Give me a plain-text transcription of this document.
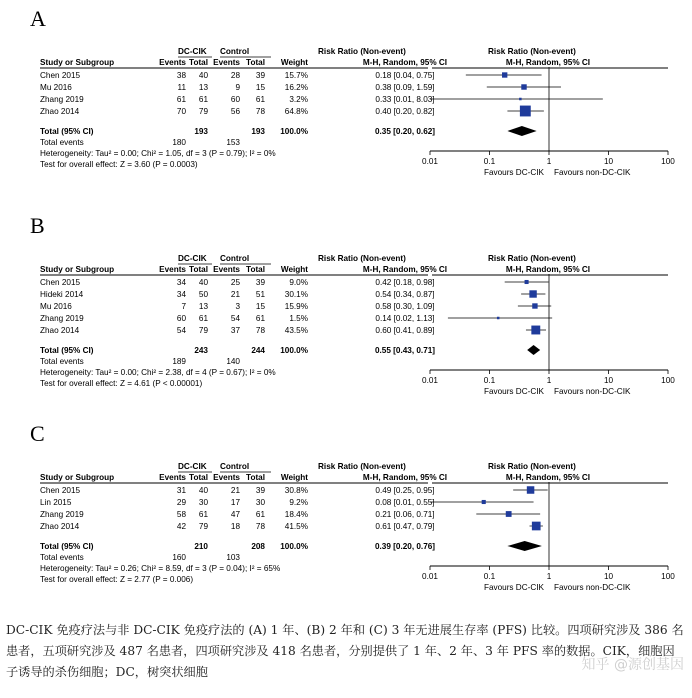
A
DC-CIK Control	Risk Ratio (Non-event)	Risk Ratio (Non-event)
Study or Subgroup	Events Total Events Total Weight	M-H, Random, 95% CI	M-H, Random, 95% CI
Chen 2015	38 40	28 39 15.7%	0.18 [0.04, 0.75]
Mu 2016	11 13	9 15 16.2%	0.38 [0.09, 1.59]
Zhang 2019	61 61	60 61	3.2%	0.33 [0.01, 8.03]
Zhao 2014	70 79	56 78 64.8%	0.40 [0.20, 0.82]
Total (95% CI)	193	193 100.0%	0.35 [0.20, 0.62]
Total events	180	153
Heterogeneity: Tau² = 0.00; Chi² = 1.05, df = 3 (P = 0.79); I² = 0%
Test for overall effect: Z = 3.60 (P = 0.0003)	0.01	0.1	1	10	100
Favours DC-CIK Favours non-DC-CIK
B
DC-CIK Control	Risk Ratio (Non-event)	Risk Ratio (Non-event)
Study or Subgroup	Events Total Events Total Weight	M-H, Random, 95% CI	M-H, Random, 95% CI
Chen 2015	34 40	25 39	9.0%	0.42 [0.18, 0.98]
Hideki 2014	34 50	21 51 30.1%	0.54 [0.34, 0.87]
Mu 2016	7 13	3 15 15.9%	0.58 [0.30, 1.09]
Zhang 2019	60 61	54 61	1.5%	0.14 [0.02, 1.13]
Zhao 2014	54 79	37 78 43.5%	0.60 [0.41, 0.89]
Total (95% CI)	243	244 100.0%	0.55 [0.43, 0.71]
Total events	189	140
Heterogeneity: Tau² = 0.00; Chi² = 2.38, df = 4 (P = 0.67); I² = 0%
Test for overall effect: Z = 4.61 (P < 0.00001)	0.01	0.1	1	10	100
Favours DC-CIK Favours non-DC-CIK
C
DC-CIK Control	Risk Ratio (Non-event)	Risk Ratio (Non-event)
Study or Subgroup	Events Total Events Total Weight	M-H, Random, 95% CI	M-H, Random, 95% CI
Chen 2015	31 40	21 39 30.8%	0.49 [0.25, 0.95]
Lin 2015	29 30	17 30	9.2%	0.08 [0.01, 0.55]
Zhang 2019	58 61	47 61 18.4%	0.21 [0.06, 0.71]
Zhao 2014	42 79	18 78 41.5%	0.61 [0.47, 0.79]
Total (95% CI)	210	208 100.0%	0.39 [0.20, 0.76]
Total events	160	103
Heterogeneity: Tau² = 0.26; Chi² = 8.59, df = 3 (P = 0.04); I² = 65%
Test for overall effect: Z = 2.77 (P = 0.006)	0.01	0.1	1	10	100
Favours DC-CIK Favours non-DC-CIK
DC-CIK 免疫疗法与非 DC-CIK 免疫疗法的 (A) 1 年、(B) 2 年和 (C) 3 年无进展生存率 (PFS) 比较。四项研究涉及 386 名患者，五项研究涉及 487 名患者，四项研究涉及 418 名患者，分别提供了 1 年、2 年、3 年 PFS 率的数据。CIK，细胞因子诱导的杀伤细胞；DC，树突状细胞	知乎 @源创基因
